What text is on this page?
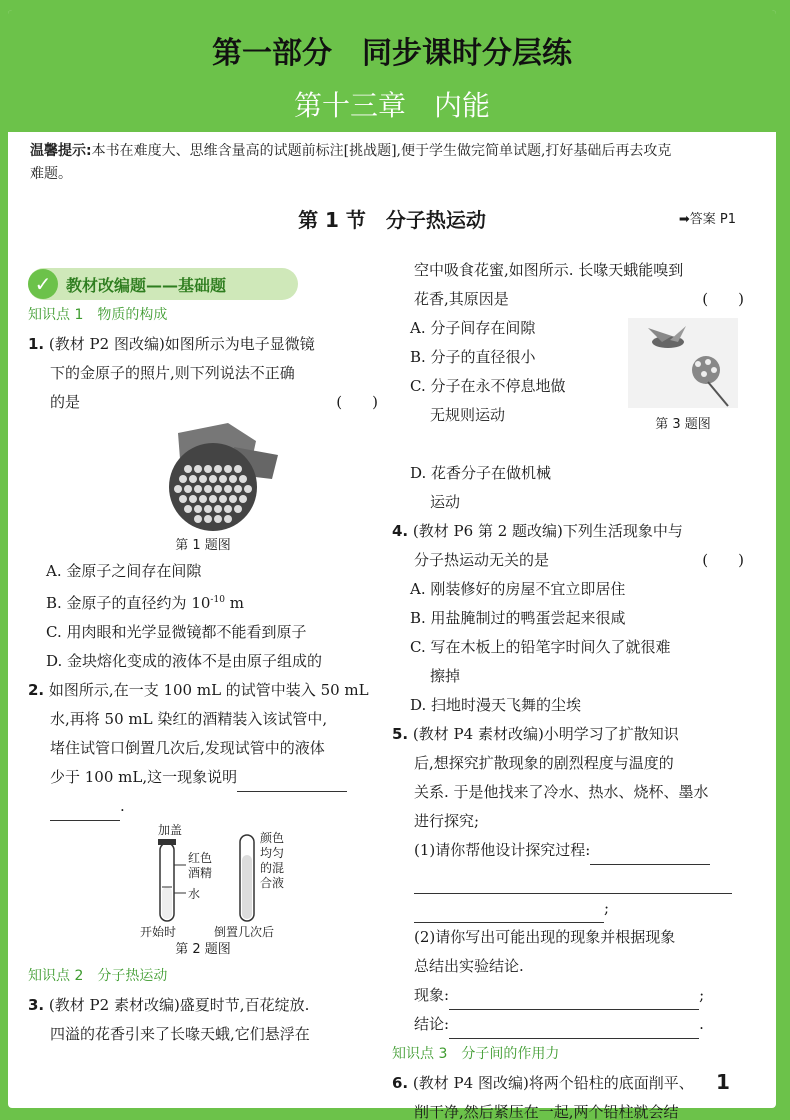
第一部分　同步课时分层练
第十三章　内能
温馨提示:本书在难度大、思维含量高的试题前标注[挑战题],便于学生做完简单试题,打好基础后再去攻克
难题。
第 1 节　分子热运动	➡答案 P1
✓ 教材改编题——基础题
知识点 1　物质的构成
1. (教材 P2 图改编)如图所示为电子显微镜
下的金原子的照片,则下列说法不正确
的是	(　　)
第 1 题图
A. 金原子之间存在间隙
B. 金原子的直径约为 $10^{-10}$ m
C. 用肉眼和光学显微镜都不能看到原子
D. 金块熔化变成的液体不是由原子组成的
2. 如图所示,在一支 100 mL 的试管中装入 50 mL
水,再将 50 mL 染红的酒精装入该试管中,
堵住试管口倒置几次后,发现试管中的液体
少于 100 mL,这一现象说明
.
加盖
红色酒精
水
颜色均匀的混合液
开始时	倒置几次后
第 2 题图
知识点 2　分子热运动
3. (教材 P2 素材改编)盛夏时节,百花绽放.
四溢的花香引来了长喙天蛾,它们悬浮在
空中吸食花蜜,如图所示. 长喙天蛾能嗅到
花香,其原因是	(　　)
A. 分子间存在间隙
B. 分子的直径很小
C. 分子在永不停息地做
无规则运动
第 3 题图
D. 花香分子在做机械
运动
4. (教材 P6 第 2 题改编)下列生活现象中与
分子热运动无关的是	(　　)
A. 刚装修好的房屋不宜立即居住
B. 用盐腌制过的鸭蛋尝起来很咸
C. 写在木板上的铅笔字时间久了就很难
擦掉
D. 扫地时漫天飞舞的尘埃
5. (教材 P4 素材改编)小明学习了扩散知识
后,想探究扩散现象的剧烈程度与温度的
关系. 于是他找来了冷水、热水、烧杯、墨水
进行探究;
(1)请你帮他设计探究过程:
;
(2)请你写出可能出现的现象并根据现象
总结出实验结论.
现象:	;
结论:	.
知识点 3　分子间的作用力
6. (教材 P4 图改编)将两个铅柱的底面削平、
削干净,然后紧压在一起,两个铅柱就会结
1
